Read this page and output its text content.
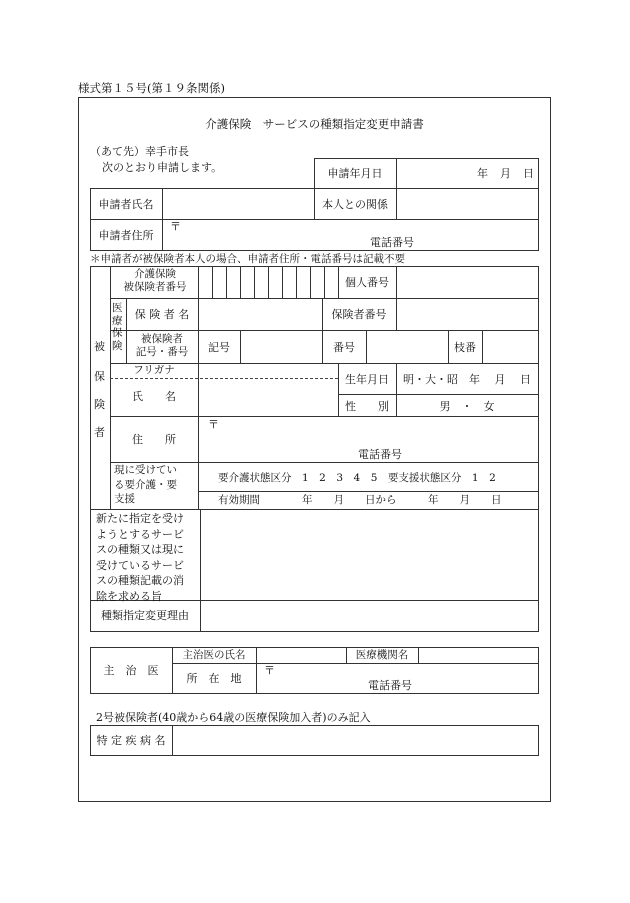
様式第１５号(第１９条関係)
介護保険　サービスの種類指定変更申請書
（あて先）幸手市長
次のとおり申請します。	申請年月日	年 月 日
申請者氏名	本人との関係
申請者住所
〒
電話番号
＊申請者が被保険者本人の場合、申請者住所・電話番号は記載不要
被
保
険
者
介護保険
被保険者番号	個人番号
医
療
保
険
保 険 者 名	保険者番号
被保険者
記号・番号	記号	番号	枝番
フリガナ
氏　　名
生年月日	明・大・昭　年　 月　 日
性　　別	男　・　女
住　　所
〒
電話番号
現に受けてい
る要介護・要
支援
要介護状態区分　1　2　3　4　5　要支援状態区分　1　2
有効期間	年　　月　　日から　　　年　　月　　日
新たに指定を受け
ようとするサービ
スの種類又は現に
受けているサービ
スの種類記載の消
除を求める旨
種類指定変更理由
主　治　医
主治医の氏名	医療機関名
所　在　地
〒
電話番号
2号被保険者(40歳から64歳の医療保険加入者)のみ記入
特 定 疾 病 名
